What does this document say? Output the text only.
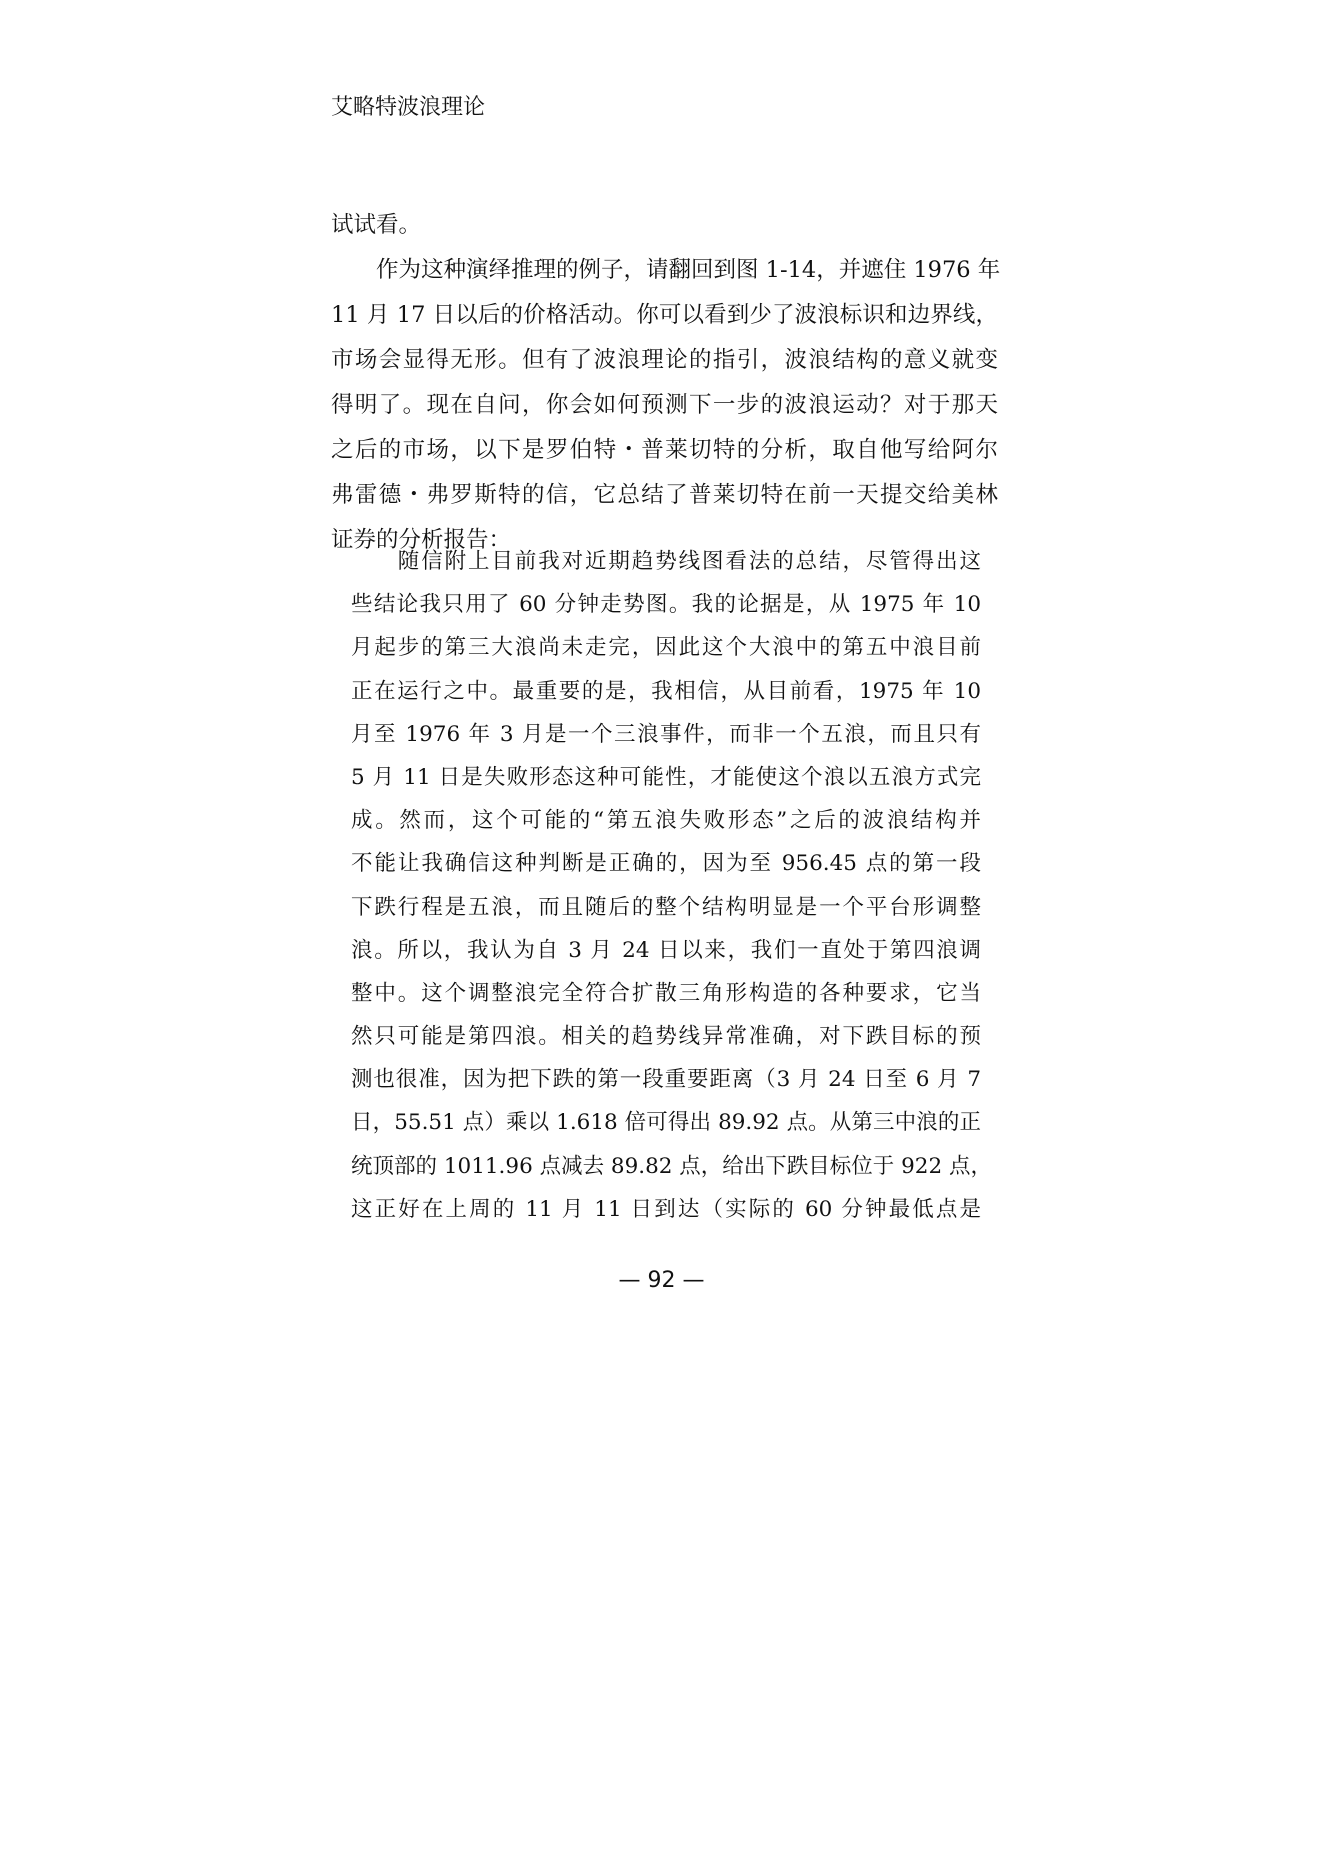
艾略特波浪理论
试试看。
　　作为这种演绎推理的例子，请翻回到图 1-14，并遮住 1976 年
11 月 17 日以后的价格活动。你可以看到少了波浪标识和边界线，
市场会显得无形。但有了波浪理论的指引，波浪结构的意义就变
得明了。现在自问，你会如何预测下一步的波浪运动？对于那天
之后的市场，以下是罗伯特・普莱切特的分析，取自他写给阿尔
弗雷德・弗罗斯特的信，它总结了普莱切特在前一天提交给美林
证券的分析报告：
　　随信附上目前我对近期趋势线图看法的总结，尽管得出这
些结论我只用了 60 分钟走势图。我的论据是，从 1975 年 10
月起步的第三大浪尚未走完，因此这个大浪中的第五中浪目前
正在运行之中。最重要的是，我相信，从目前看，1975 年 10
月至 1976 年 3 月是一个三浪事件，而非一个五浪，而且只有
5 月 11 日是失败形态这种可能性，才能使这个浪以五浪方式完
成。然而，这个可能的“第五浪失败形态”之后的波浪结构并
不能让我确信这种判断是正确的，因为至 956.45 点的第一段
下跌行程是五浪，而且随后的整个结构明显是一个平台形调整
浪。所以，我认为自 3 月 24 日以来，我们一直处于第四浪调
整中。这个调整浪完全符合扩散三角形构造的各种要求，它当
然只可能是第四浪。相关的趋势线异常准确，对下跌目标的预
测也很准，因为把下跌的第一段重要距离（3 月 24 日至 6 月 7
日，55.51 点）乘以 1.618 倍可得出 89.92 点。从第三中浪的正
统顶部的 1011.96 点减去 89.82 点，给出下跌目标位于 922 点，
这正好在上周的 11 月 11 日到达（实际的 60 分钟最低点是
— 92 —
